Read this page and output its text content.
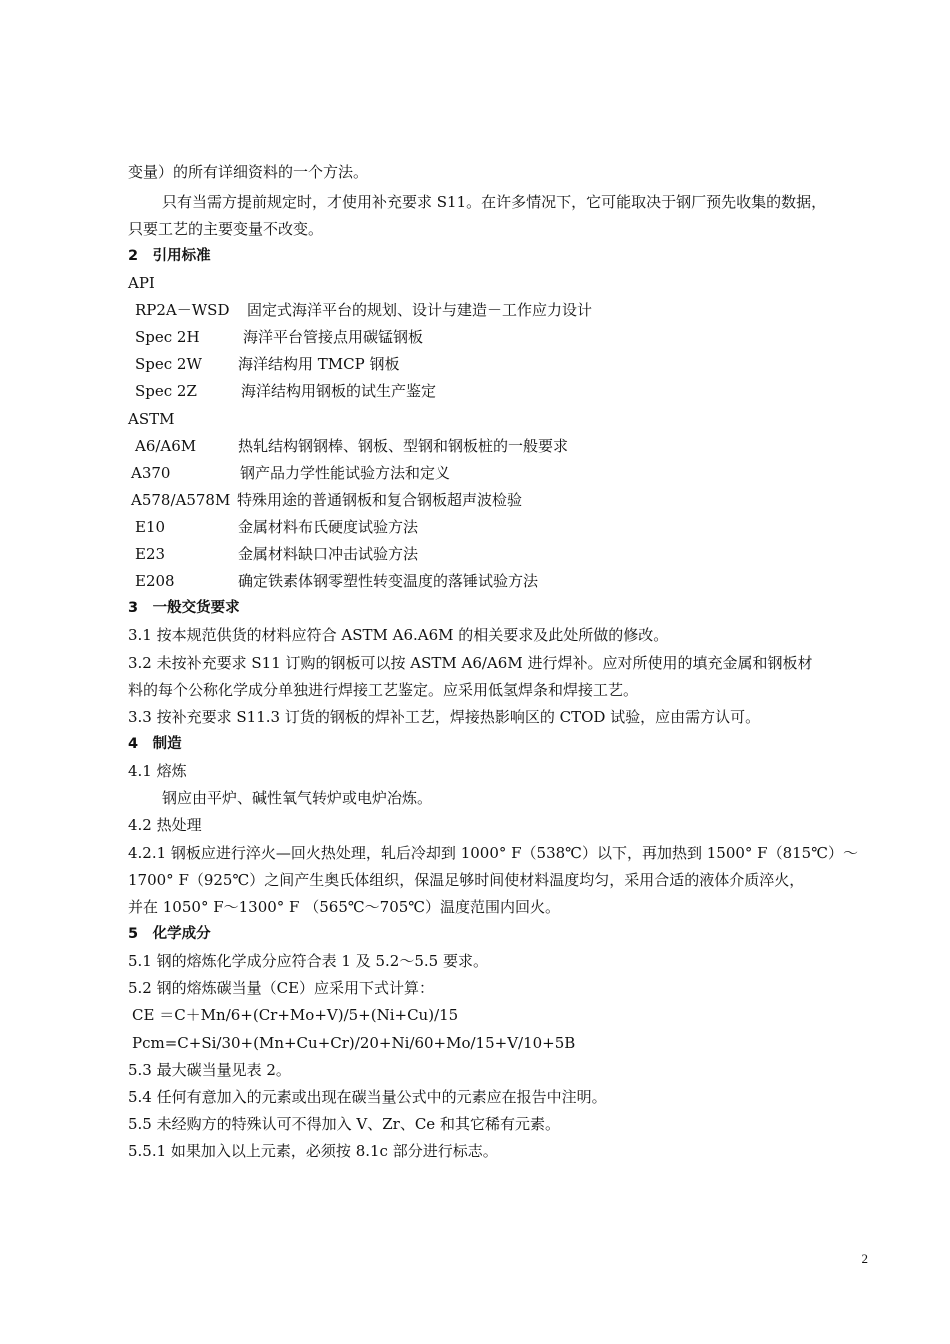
变量）的所有详细资料的一个方法。
只有当需方提前规定时，才使用补充要求 S11。在许多情况下，它可能取决于钢厂预先收集的数据，
只要工艺的主要变量不改变。
2　引用标准
API
RP2A－WSD 固定式海洋平台的规划、设计与建造－工作应力设计
Spec 2H	海洋平台管接点用碳锰钢板
Spec 2W 海洋结构用 TMCP 钢板
Spec 2Z	海洋结构用钢板的试生产鉴定
ASTM
A6/A6M	热轧结构钢钢棒、钢板、型钢和钢板桩的一般要求
A370	钢产品力学性能试验方法和定义
A578/A578M 特殊用途的普通钢板和复合钢板超声波检验
E10	金属材料布氏硬度试验方法
E23	金属材料缺口冲击试验方法
E208	确定铁素体钢零塑性转变温度的落锤试验方法
3　一般交货要求
3.1 按本规范供货的材料应符合 ASTM A6.A6M 的相关要求及此处所做的修改。
3.2 未按补充要求 S11 订购的钢板可以按 ASTM A6/A6M 进行焊补。应对所使用的填充金属和钢板材
料的每个公称化学成分单独进行焊接工艺鉴定。应采用低氢焊条和焊接工艺。
3.3 按补充要求 S11.3 订货的钢板的焊补工艺，焊接热影响区的 CTOD 试验，应由需方认可。
4　制造
4.1 熔炼
钢应由平炉、碱性氧气转炉或电炉冶炼。
4.2 热处理
4.2.1 钢板应进行淬火—回火热处理，轧后冷却到 1000° F（538℃）以下，再加热到 1500° F（815℃）～
1700° F（925℃）之间产生奥氏体组织，保温足够时间使材料温度均匀，采用合适的液体介质淬火，
并在 1050° F～1300° F （565℃～705℃）温度范围内回火。
5　化学成分
5.1 钢的熔炼化学成分应符合表 1 及 5.2～5.5 要求。
5.2 钢的熔炼碳当量（CE）应采用下式计算：
CE ＝C＋Mn/6+(Cr+Mo+V)/5+(Ni+Cu)/15
Pcm=C+Si/30+(Mn+Cu+Cr)/20+Ni/60+Mo/15+V/10+5B
5.3 最大碳当量见表 2。
5.4 任何有意加入的元素或出现在碳当量公式中的元素应在报告中注明。
5.5 未经购方的特殊认可不得加入 V、Zr、Ce 和其它稀有元素。
5.5.1 如果加入以上元素，必须按 8.1c 部分进行标志。
2
